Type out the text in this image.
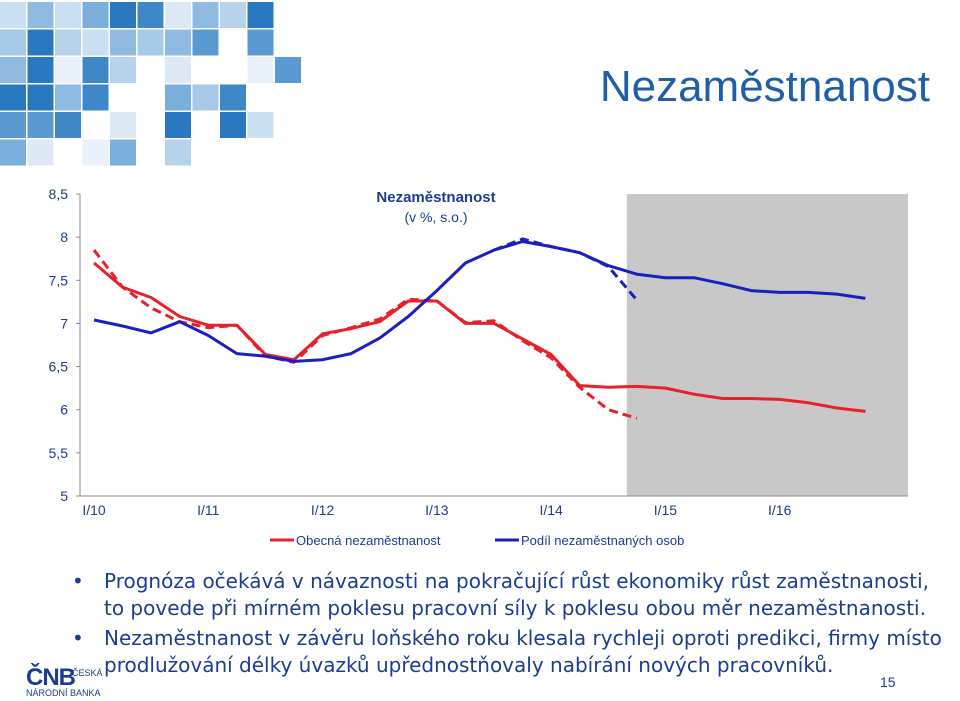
Nezaměstnanost
5
5,5
6
6,5
7
7,5
8
8,5
I/10	I/11	I/12	I/13	I/14	I/15	I/16
Nezaměstnanost
(v %, s.o.)
Obecná nezaměstnanost	Podíl nezaměstnaných osob
• Prognóza očekává v návaznosti na pokračující růst ekonomiky růst zaměstnanosti, to povede při mírném poklesu pracovní síly k poklesu obou měr nezaměstnanosti.
• Nezaměstnanost v závěru loňského roku klesala rychleji oproti predikci, firmy místo prodlužování délky úvazků upřednostňovaly nabírání nových pracovníků.
ČNB
ČESKÁ
NÁRODNÍ BANKA
15
